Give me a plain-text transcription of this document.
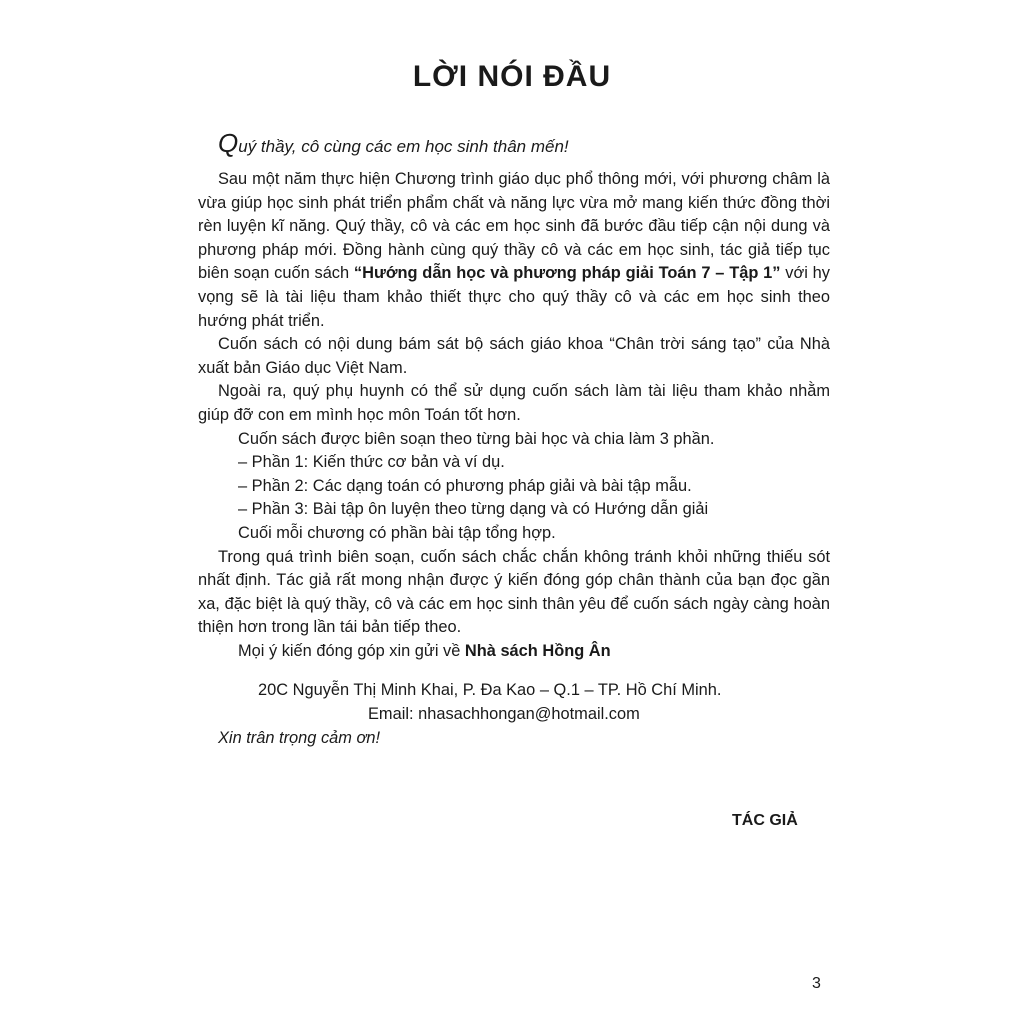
LỜI NÓI ĐẦU
Quý thầy, cô cùng các em học sinh thân mến!

Sau một năm thực hiện Chương trình giáo dục phổ thông mới, với phương châm là vừa giúp học sinh phát triển phẩm chất và năng lực vừa mở mang kiến thức đồng thời rèn luyện kĩ năng. Quý thầy, cô và các em học sinh đã bước đầu tiếp cận nội dung và phương pháp mới. Đồng hành cùng quý thầy cô và các em học sinh, tác giả tiếp tục biên soạn cuốn sách “Hướng dẫn học và phương pháp giải Toán 7 – Tập 1” với hy vọng sẽ là tài liệu tham khảo thiết thực cho quý thầy cô và các em học sinh theo hướng phát triển.

Cuốn sách có nội dung bám sát bộ sách giáo khoa “Chân trời sáng tạo” của Nhà xuất bản Giáo dục Việt Nam.

Ngoài ra, quý phụ huynh có thể sử dụng cuốn sách làm tài liệu tham khảo nhằm giúp đỡ con em mình học môn Toán tốt hơn.

Cuốn sách được biên soạn theo từng bài học và chia làm 3 phần.

– Phần 1: Kiến thức cơ bản và ví dụ.

– Phần 2: Các dạng toán có phương pháp giải và bài tập mẫu.

– Phần 3: Bài tập ôn luyện theo từng dạng và có Hướng dẫn giải

Cuối mỗi chương có phần bài tập tổng hợp.

Trong quá trình biên soạn, cuốn sách chắc chắn không tránh khỏi những thiếu sót nhất định. Tác giả rất mong nhận được ý kiến đóng góp chân thành của bạn đọc gần xa, đặc biệt là quý thầy, cô và các em học sinh thân yêu để cuốn sách ngày càng hoàn thiện hơn trong lần tái bản tiếp theo.

Mọi ý kiến đóng góp xin gửi về Nhà sách Hồng Ân

20C Nguyễn Thị Minh Khai, P. Đa Kao – Q.1 – TP. Hồ Chí Minh.
Email: nhasachhongan@hotmail.com
Xin trân trọng cảm ơn!
TÁC GIẢ
3
